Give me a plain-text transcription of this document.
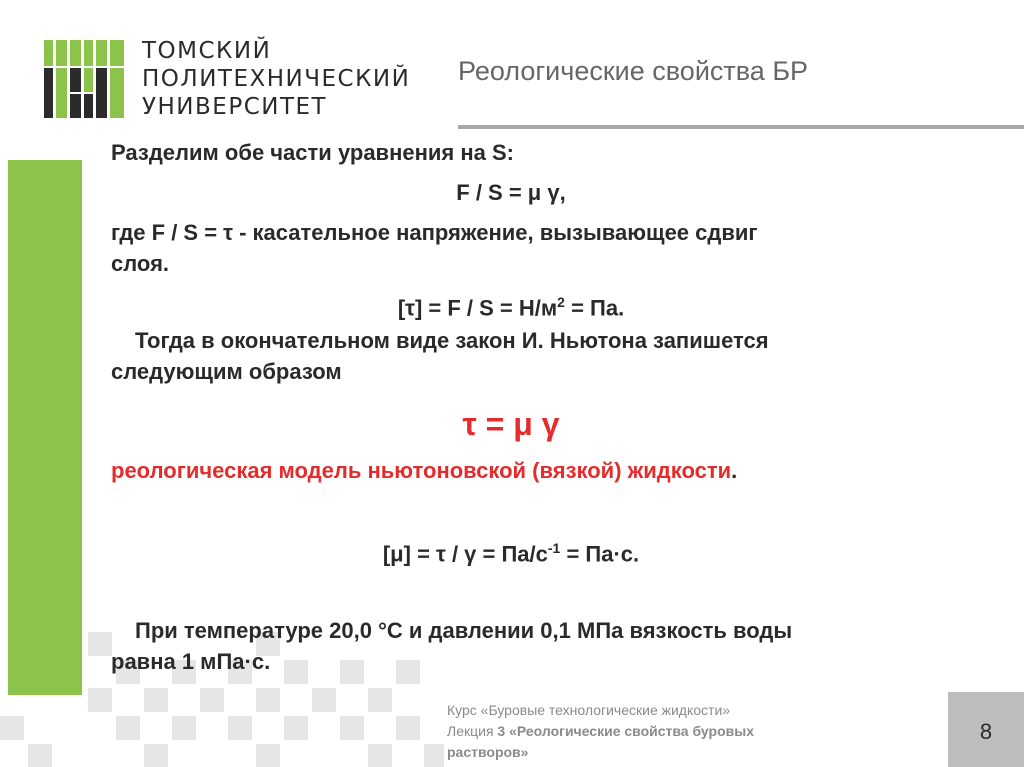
ТОМСКИЙ
ПОЛИТЕХНИЧЕСКИЙ
УНИВЕРСИТЕТ
Реологические свойства БР
Разделим обе части уравнения на S:
F / S = μ γ,
где F / S = τ - касательное напряжение, вызывающее сдвиг
слоя.
$[\tau] = F / S = Н/м^2$ = Па.
Тогда в окончательном виде закон И. Ньютона запишется
следующим образом
τ = μ γ
реологическая модель ньютоновской (вязкой) жидкости.
$[\mu] = \tau / \gamma = Па/с^{-1} = Па\cdot с$.
При температуре 20,0 °С и давлении 0,1 МПа вязкость воды
равна 1 мПа·с.
Курс «Буровые технологические жидкости»
Лекция 3 «Реологические свойства буровых
растворов»
8
